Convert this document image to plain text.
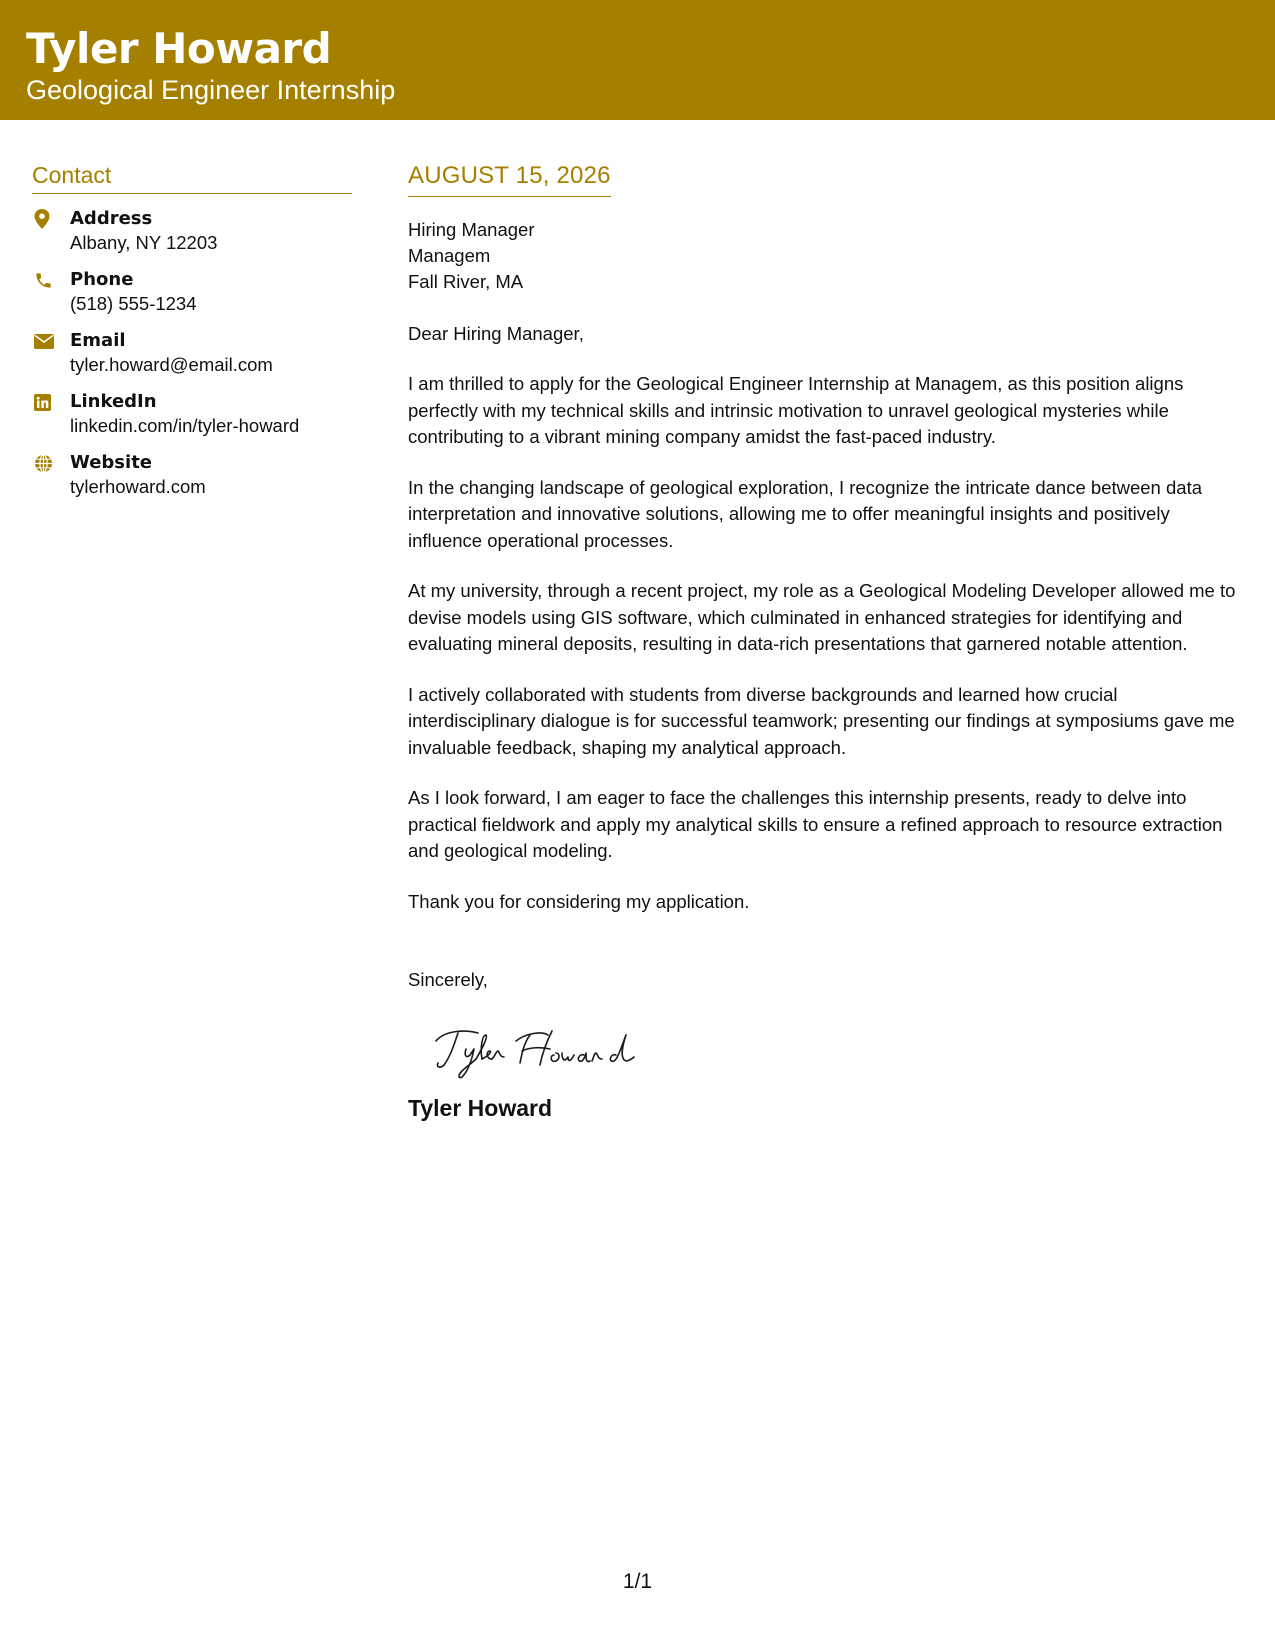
Tyler Howard
Geological Engineer Internship
Contact
Address
Albany, NY 12203
Phone
(518) 555-1234
Email
tyler.howard@email.com
LinkedIn
linkedin.com/in/tyler-howard
Website
tylerhoward.com
AUGUST 15, 2026
Hiring Manager
Managem
Fall River, MA
Dear Hiring Manager,

I am thrilled to apply for the Geological Engineer Internship at Managem, as this position aligns perfectly with my technical skills and intrinsic motivation to unravel geological mysteries while contributing to a vibrant mining company amidst the fast-paced industry.

In the changing landscape of geological exploration, I recognize the intricate dance between data interpretation and innovative solutions, allowing me to offer meaningful insights and positively influence operational processes.

At my university, through a recent project, my role as a Geological Modeling Developer allowed me to devise models using GIS software, which culminated in enhanced strategies for identifying and evaluating mineral deposits, resulting in data-rich presentations that garnered notable attention.

I actively collaborated with students from diverse backgrounds and learned how crucial interdisciplinary dialogue is for successful teamwork; presenting our findings at symposiums gave me invaluable feedback, shaping my analytical approach.

As I look forward, I am eager to face the challenges this internship presents, ready to delve into practical fieldwork and apply my analytical skills to ensure a refined approach to resource extraction and geological modeling.

Thank you for considering my application.

Sincerely,
Tyler Howard
1/1
